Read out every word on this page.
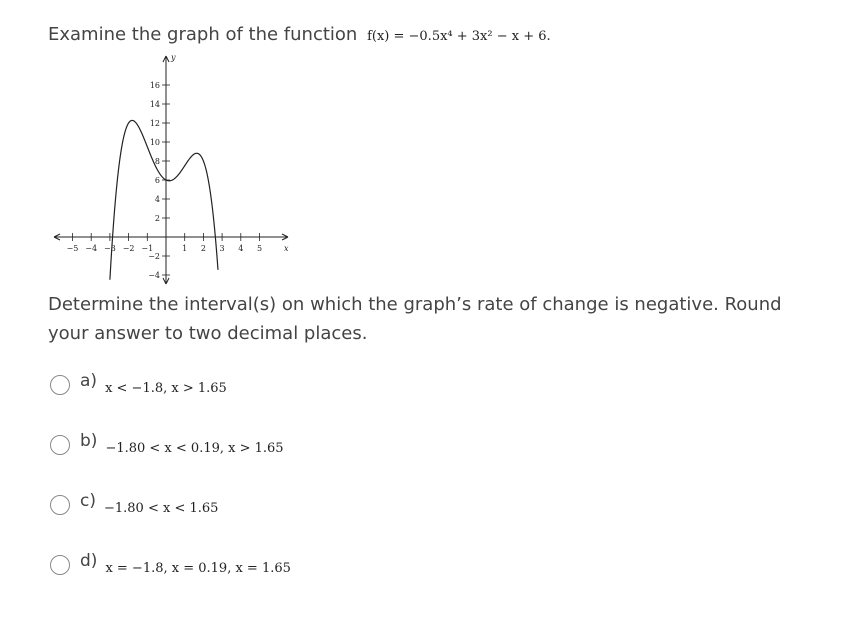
Examine the graph of the function f(x) = −0.5x⁴ + 3x² − x + 6.
x
y
−5 −4 −3 −2 −1	1 2 3 4 5
16
14
12
10
8
6
4
2
−2
−4
Determine the interval(s) on which the graph’s rate of change is negative. Round your answer to two decimal places.
a) x < −1.8, x > 1.65
b) −1.80 < x < 0.19, x > 1.65
c) −1.80 < x < 1.65
d) x = −1.8, x = 0.19, x = 1.65
